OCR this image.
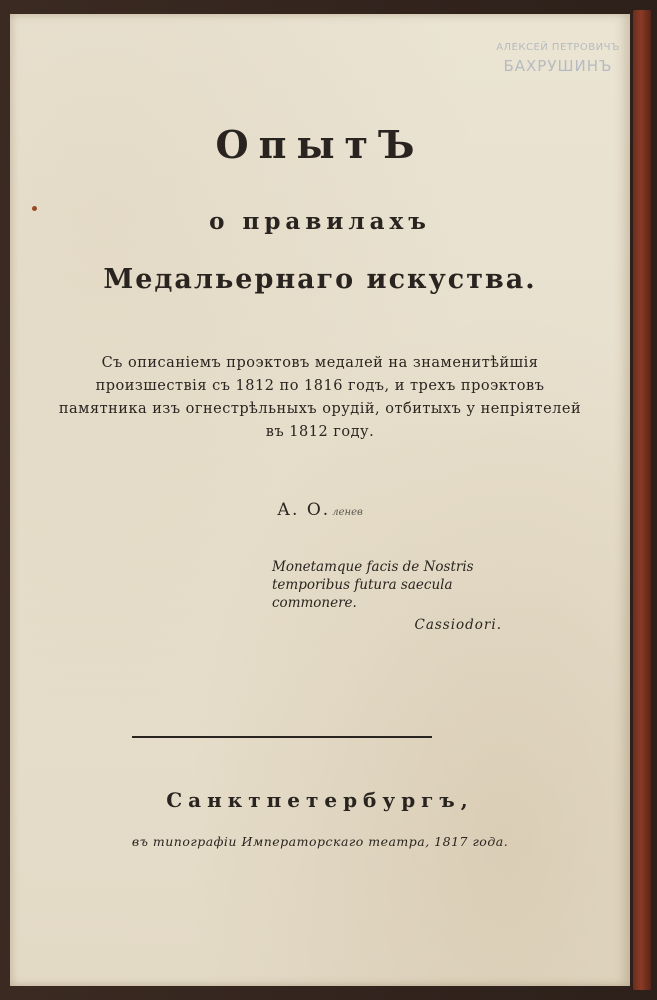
АЛЕКСЕЙ ПЕТРОВИЧЪ
БАХРУШИНЪ
ОпытЪ
о правилахъ
Медальернаго искуства.
Съ описаніемъ проэктовъ медалей на знаменитѣйшія произшествія съ 1812 по 1816 годъ, и трехъ проэктовъ памятника изъ огнестрѣльныхъ орудій, отбитыхъ у непріятелей въ 1812 году.
А. О. ленев
Monetamque facis de Nostris temporibus futura saecula commonere.
Cassiodori.
Санктпетербургъ,
въ типографіи Императорскаго театра, 1817 года.
